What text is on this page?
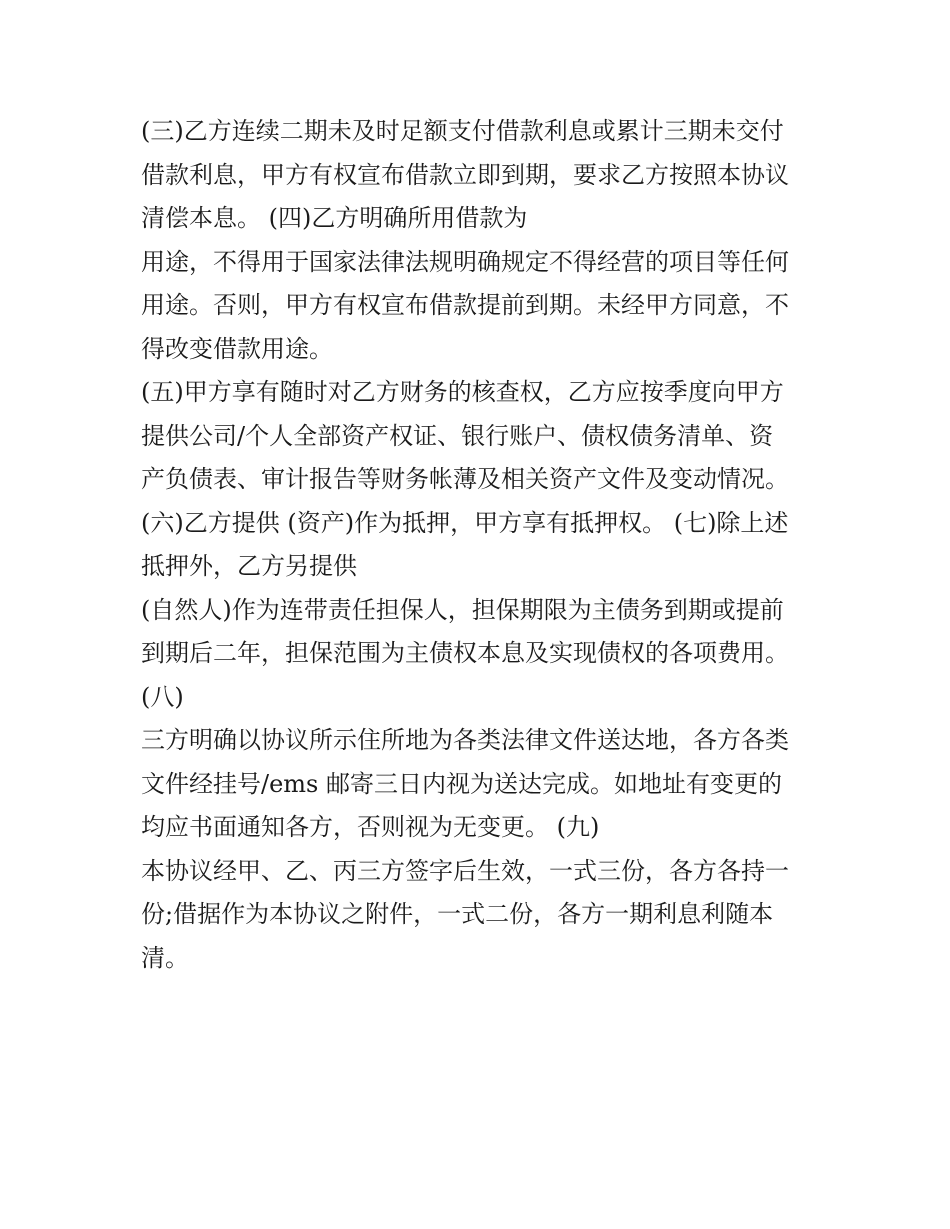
(三)乙方连续二期未及时足额支付借款利息或累计三期未交付
借款利息，甲方有权宣布借款立即到期，要求乙方按照本协议
清偿本息。 (四)乙方明确所用借款为
用途，不得用于国家法律法规明确规定不得经营的项目等任何
用途。否则，甲方有权宣布借款提前到期。未经甲方同意，不
得改变借款用途。
(五)甲方享有随时对乙方财务的核查权，乙方应按季度向甲方
提供公司/个人全部资产权证、银行账户、债权债务清单、资
产负债表、审计报告等财务帐薄及相关资产文件及变动情况。
(六)乙方提供 (资产)作为抵押，甲方享有抵押权。 (七)除上述
抵押外，乙方另提供
(自然人)作为连带责任担保人，担保期限为主债务到期或提前
到期后二年，担保范围为主债权本息及实现债权的各项费用。
(八)
三方明确以协议所示住所地为各类法律文件送达地，各方各类
文件经挂号/ems 邮寄三日内视为送达完成。如地址有变更的
均应书面通知各方，否则视为无变更。 (九)
本协议经甲、乙、丙三方签字后生效，一式三份，各方各持一
份;借据作为本协议之附件，一式二份，各方一期利息利随本
清。
